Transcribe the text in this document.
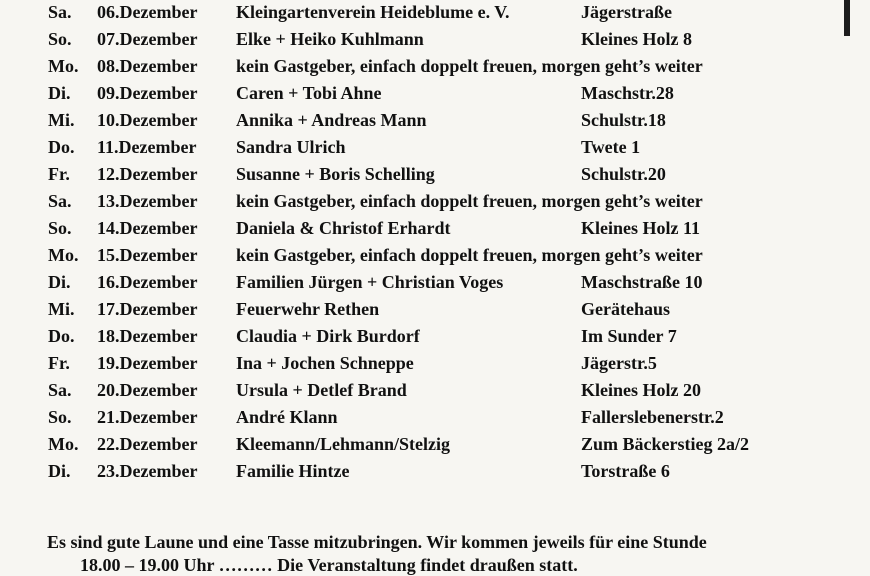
Sa. 06.Dezember Kleingartenverein Heideblume e. V.	Jägerstraße
So. 07.Dezember Elke + Heiko Kuhlmann	Kleines Holz 8
Mo. 08.Dezember kein Gastgeber, einfach doppelt freuen, morgen geht’s weiter
Di. 09.Dezember Caren + Tobi Ahne	Maschstr.28
Mi. 10.Dezember Annika + Andreas Mann	Schulstr.18
Do. 11.Dezember Sandra Ulrich	Twete 1
Fr. 12.Dezember Susanne + Boris Schelling	Schulstr.20
Sa. 13.Dezember kein Gastgeber, einfach doppelt freuen, morgen geht’s weiter
So. 14.Dezember Daniela & Christof Erhardt	Kleines Holz 11
Mo. 15.Dezember kein Gastgeber, einfach doppelt freuen, morgen geht’s weiter
Di. 16.Dezember Familien Jürgen + Christian Voges	Maschstraße 10
Mi. 17.Dezember Feuerwehr Rethen	Gerätehaus
Do. 18.Dezember Claudia + Dirk Burdorf	Im Sunder 7
Fr. 19.Dezember Ina + Jochen Schneppe	Jägerstr.5
Sa. 20.Dezember Ursula + Detlef Brand	Kleines Holz 20
So. 21.Dezember André Klann	Fallerslebenerstr.2
Mo. 22.Dezember Kleemann/Lehmann/Stelzig	Zum Bäckerstieg 2a/2
Di. 23.Dezember Familie Hintze	Torstraße 6
Es sind gute Laune und eine Tasse mitzubringen. Wir kommen jeweils für eine Stunde
18.00 – 19.00 Uhr ……… Die Veranstaltung findet draußen statt.
